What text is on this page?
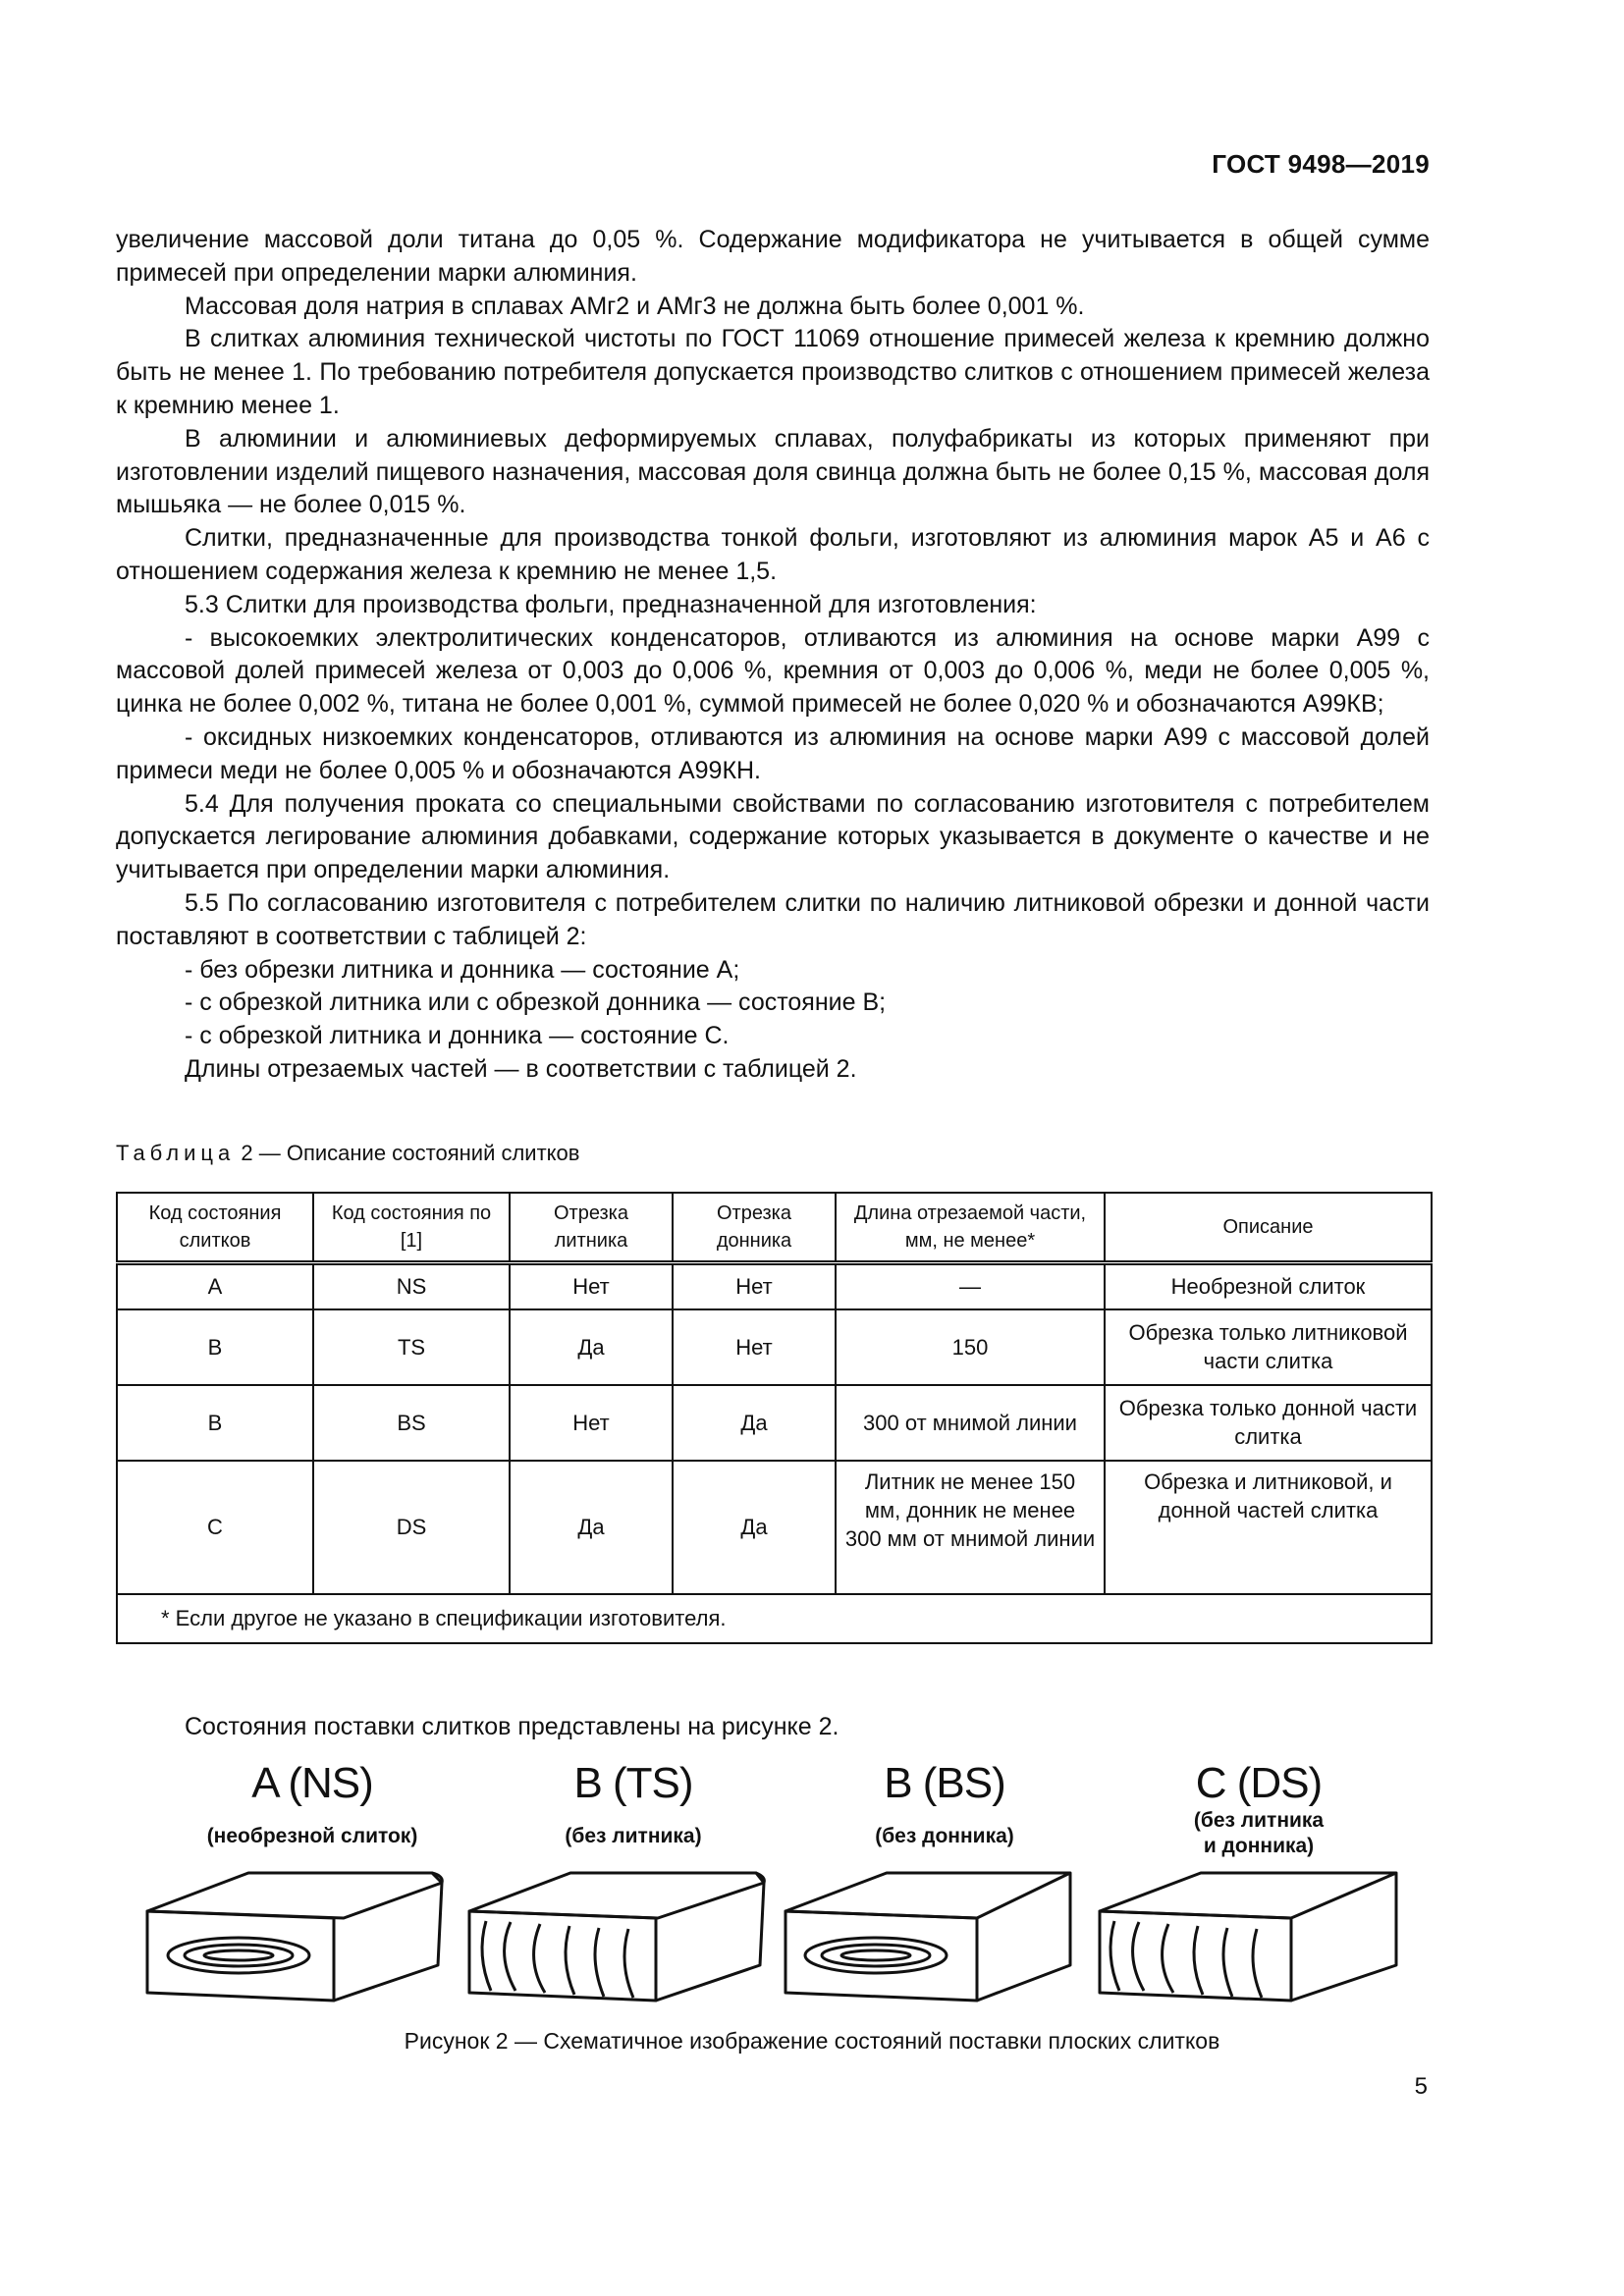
ГОСТ 9498—2019

увеличение массовой доли титана до 0,05 %. Содержание модификатора не учитывается в общей сумме примесей при определении марки алюминия.

Массовая доля натрия в сплавах АМг2 и АМг3 не должна быть более 0,001 %.

В слитках алюминия технической чистоты по ГОСТ 11069 отношение примесей железа к кремнию должно быть не менее 1. По требованию потребителя допускается производство слитков с отношением примесей железа к кремнию менее 1.

В алюминии и алюминиевых деформируемых сплавах, полуфабрикаты из которых применяют при изготовлении изделий пищевого назначения, массовая доля свинца должна быть не более 0,15 %, массовая доля мышьяка — не более 0,015 %.

Слитки, предназначенные для производства тонкой фольги, изготовляют из алюминия марок А5 и А6 с отношением содержания железа к кремнию не менее 1,5.

5.3 Слитки для производства фольги, предназначенной для изготовления:

- высокоемких электролитических конденсаторов, отливаются из алюминия на основе марки А99 с массовой долей примесей железа от 0,003 до 0,006 %, кремния от 0,003 до 0,006 %, меди не более 0,005 %, цинка не более 0,002 %, титана не более 0,001 %, суммой примесей не более 0,020 % и обозначаются А99КВ;

- оксидных низкоемких конденсаторов, отливаются из алюминия на основе марки А99 с массовой долей примеси меди не более 0,005 % и обозначаются А99КН.

5.4 Для получения проката со специальными свойствами по согласованию изготовителя с потребителем допускается легирование алюминия добавками, содержание которых указывается в документе о качестве и не учитывается при определении марки алюминия.

5.5 По согласованию изготовителя с потребителем слитки по наличию литниковой обрезки и донной части поставляют в соответствии с таблицей 2:

- без обрезки литника и донника — состояние А;

- с обрезкой литника или с обрезкой донника — состояние В;

- с обрезкой литника и донника — состояние С.

Длины отрезаемых частей — в соответствии с таблицей 2.

Таблица 2 — Описание состояний слитков
Код состояния слитков	Код состояния по [1]	Отрезка литника	Отрезка донника	Длина отрезаемой части, мм, не менее*	Описание
А	NS	Нет	Нет	—	Необрезной слиток
В	TS	Да	Нет	150	Обрезка только литниковой части слитка
В	BS	Нет	Да	300 от мнимой линии	Обрезка только донной части слитка
С	DS	Да	Да	Литник не менее 150 мм, донник не менее 300 мм от мнимой линии	Обрезка и литниковой, и донной частей слитка
* Если другое не указано в спецификации изготовителя.					
Состояния поставки слитков представлены на рисунке 2.
A (NS)
(необрезной слиток)
B (TS)
(без литника)
B (BS)
(без донника)
C (DS)
(без литника и донника)
Рисунок 2 — Схематичное изображение состояний поставки плоских слитков
5
